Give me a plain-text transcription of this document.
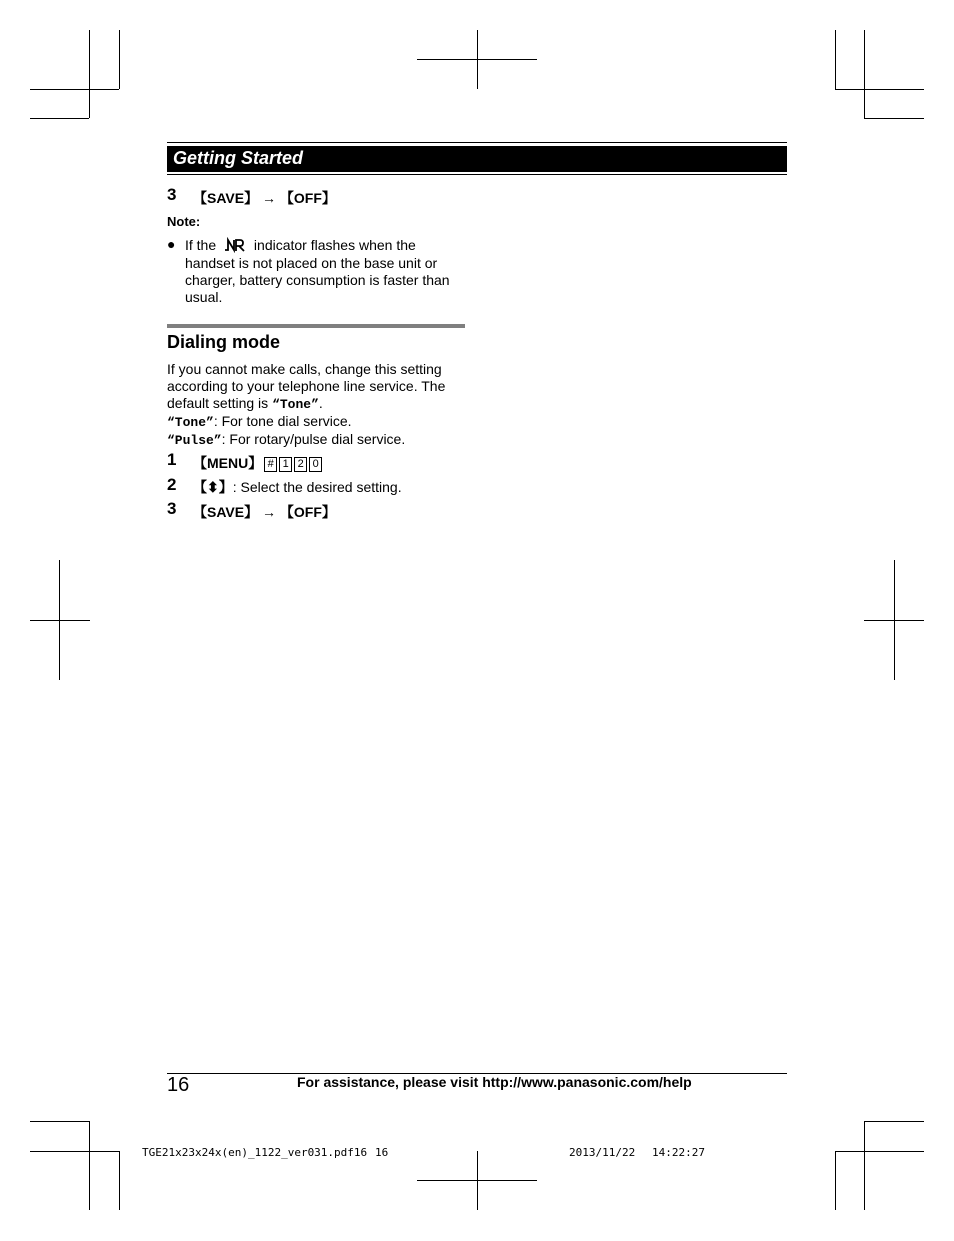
Getting Started
3 【SAVE】 → 【OFF】
Note:
● If the	indicator flashes when the
handset is not placed on the base unit or
charger, battery consumption is faster than
usual.
Dialing mode
If you cannot make calls, change this setting
according to your telephone line service. The
default setting is “Tone”.
“Tone”: For tone dial service.
“Pulse”: For rotary/pulse dial service.
1 【MENU】 # 1 2 0
2 【⬍】: Select the desired setting.
3 【SAVE】 → 【OFF】
16	For assistance, please visit http://www.panasonic.com/help
TGE21x23x24x(en)_1122_ver031.pdf16 16	2013/11/22 14:22:27
